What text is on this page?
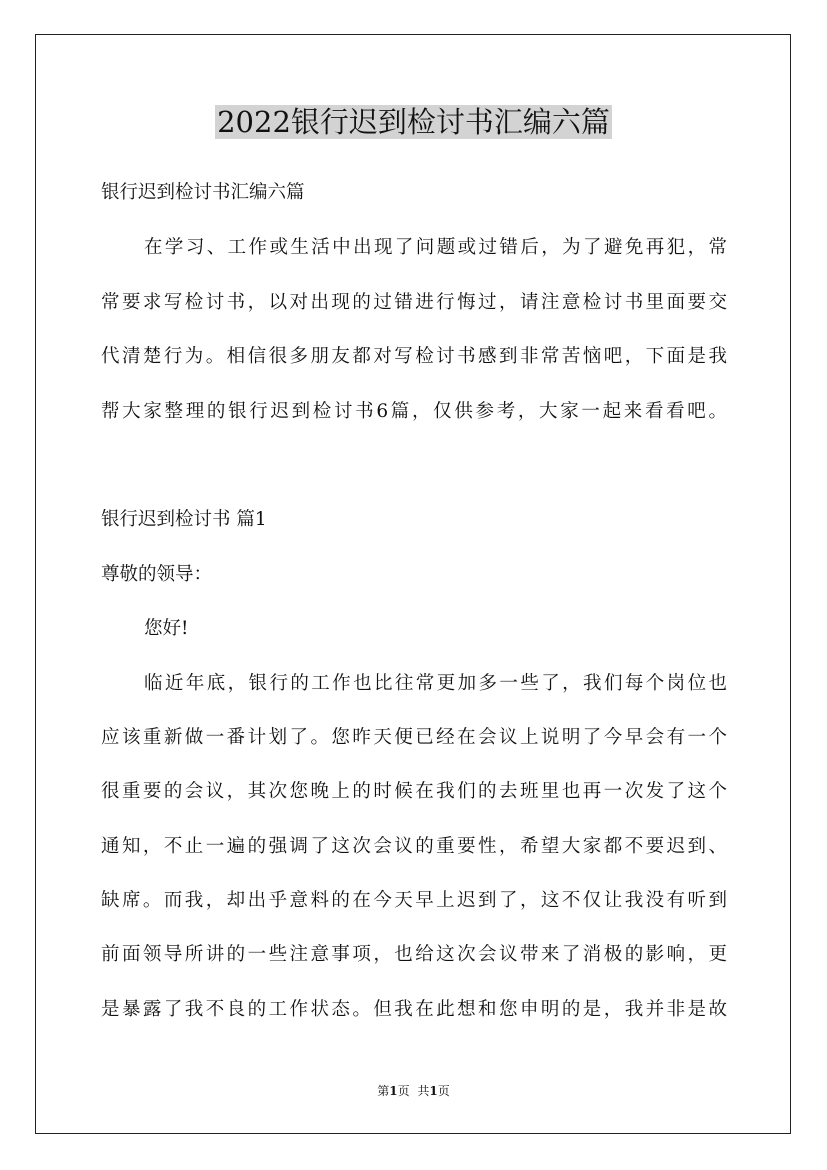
2022银行迟到检讨书汇编六篇

银行迟到检讨书汇编六篇

在学习、工作或生活中出现了问题或过错后，为了避免再犯，常

常要求写检讨书，以对出现的过错进行悔过，请注意检讨书里面要交

代清楚行为。相信很多朋友都对写检讨书感到非常苦恼吧，下面是我

帮大家整理的银行迟到检讨书6篇，仅供参考，大家一起来看看吧。

银行迟到检讨书 篇1

尊敬的领导：

您好!

临近年底，银行的工作也比往常更加多一些了，我们每个岗位也

应该重新做一番计划了。您昨天便已经在会议上说明了今早会有一个

很重要的会议，其次您晚上的时候在我们的去班里也再一次发了这个

通知，不止一遍的强调了这次会议的重要性，希望大家都不要迟到、

缺席。而我，却出乎意料的在今天早上迟到了，这不仅让我没有听到

前面领导所讲的一些注意事项，也给这次会议带来了消极的影响，更

是暴露了我不良的工作状态。但我在此想和您申明的是，我并非是故

第1页 共1页
